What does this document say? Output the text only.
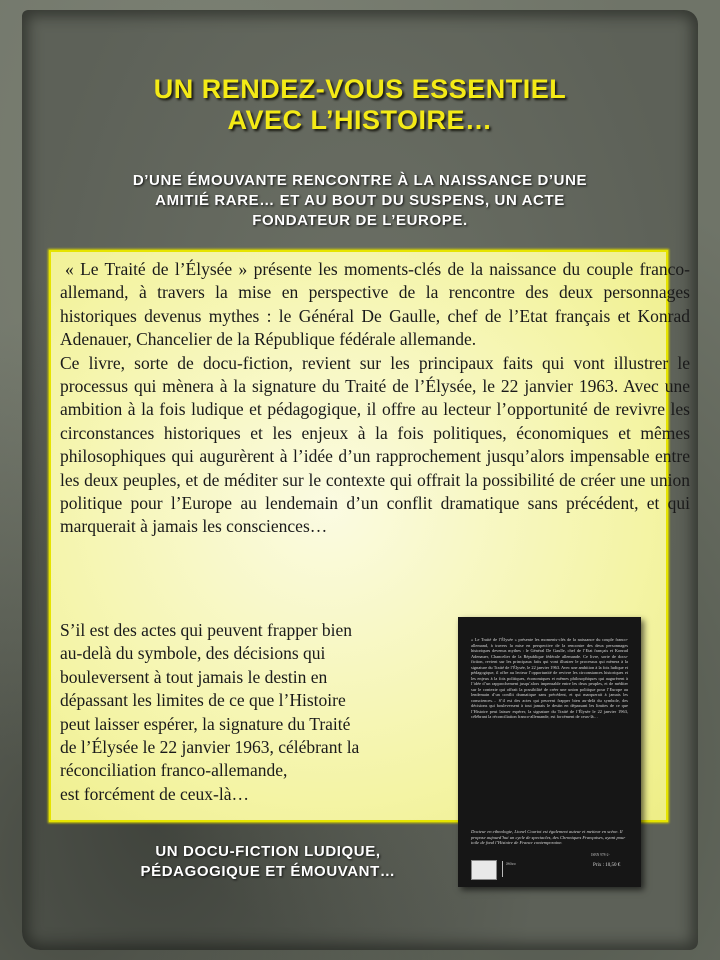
UN RENDEZ-VOUS ESSENTIEL
AVEC L’HISTOIRE…
D’UNE ÉMOUVANTE RENCONTRE À LA NAISSANCE D’UNE
AMITIÉ RARE… ET AU BOUT DU SUSPENS, UN ACTE
FONDATEUR DE L’EUROPE.

« Le Traité de l’Élysée » présente les moments-clés de la naissance du couple franco-allemand, à travers la mise en perspective de la rencontre des deux personnages historiques devenus mythes : le Général De Gaulle, chef de l’Etat français et Konrad Adenauer, Chancelier de la République fédérale allemande.

Ce livre, sorte de docu-fiction, revient sur les principaux faits qui vont illustrer le processus qui mènera à la signature du Traité de l’Élysée, le 22 janvier 1963. Avec une ambition à la fois ludique et pédagogique, il offre au lecteur l’opportunité de revivre les circonstances historiques et les enjeux à la fois politiques, économiques et mêmes philosophiques qui augurèrent à l’idée d’un rapprochement jusqu’alors impensable entre les deux peuples, et de méditer sur le contexte qui offrait la possibilité de créer une union politique pour l’Europe au lendemain d’un conflit dramatique sans précédent, et qui marquerait à jamais les consciences…

S’il est des actes qui peuvent frapper bien
au-delà du symbole, des décisions qui
bouleversent à tout jamais le destin en
dépassant les limites de ce que l’Histoire
peut laisser espérer, la signature du Traité
de l’Élysée le 22 janvier 1963, célébrant la
réconciliation franco-allemande,
est forcément de ceux-là…
« Le Traité de l’Élysée » présente les moments-clés de la naissance du couple franco-allemand, à travers la mise en perspective de la rencontre des deux personnages historiques devenus mythes : le Général De Gaulle, chef de l’Etat français et Konrad Adenauer, Chancelier de la République fédérale allemande. Ce livre, sorte de docu-fiction, revient sur les principaux faits qui vont illustrer le processus qui mènera à la signature du Traité de l’Élysée, le 22 janvier 1963. Avec une ambition à la fois ludique et pédagogique, il offre au lecteur l’opportunité de revivre les circonstances historiques et les enjeux à la fois politiques, économiques et mêmes philosophiques qui augurèrent à l’idée d’un rapprochement jusqu’alors impensable entre les deux peuples, et de méditer sur le contexte qui offrait la possibilité de créer une union politique pour l’Europe au lendemain d’un conflit dramatique sans précédent, et qui marquerait à jamais les consciences… S’il est des actes qui peuvent frapper bien au-delà du symbole, des décisions qui bouleversent à tout jamais le destin en dépassant les limites de ce que l’Histoire peut laisser espérer, la signature du Traité de l’Élysée le 22 janvier 1963, célébrant la réconciliation franco-allemande, est forcément de ceux-là…
Docteur en ethnologie, Lionel Courtot est également auteur et metteur en scène. Il propose aujourd’hui un cycle de spectacles, des Chroniques Françaises, ayant pour toile de fond l’Histoire de France contemporaine.
ISBN 978-2-
Jéthro	Prix : 10,50 €
UN DOCU-FICTION LUDIQUE,
PÉDAGOGIQUE ET ÉMOUVANT…
